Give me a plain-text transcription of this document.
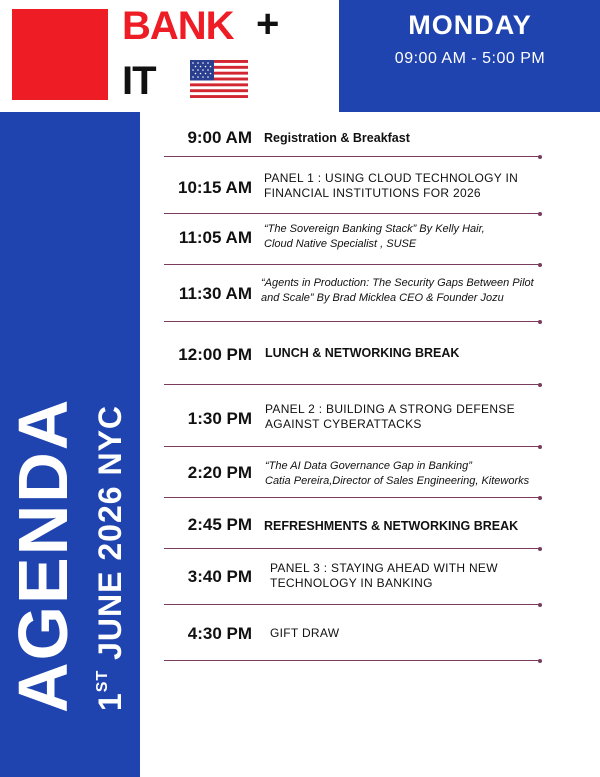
BANK +
IT
MONDAY
09:00 AM - 5:00 PM
AGENDA 1ST JUNE 2026 NYC
9:00 AM Registration & Breakfast
10:15 AM PANEL 1 : USING CLOUD TECHNOLOGY IN
FINANCIAL INSTITUTIONS FOR 2026
11:05 AM “The Sovereign Banking Stack” By Kelly Hair,
Cloud Native Specialist , SUSE
11:30 AM
“Agents in Production: The Security Gaps Between Pilot
and Scale” By Brad Micklea CEO & Founder Jozu
12:00 PM LUNCH & NETWORKING BREAK
1:30 PM PANEL 2 : BUILDING A STRONG DEFENSE
AGAINST CYBERATTACKS
2:20 PM “The AI Data Governance Gap in Banking”
Catia Pereira,Director of Sales Engineering, Kiteworks
2:45 PM REFRESHMENTS & NETWORKING BREAK
3:40 PM PANEL 3 : STAYING AHEAD WITH NEW
TECHNOLOGY IN BANKING
4:30 PM GIFT DRAW
